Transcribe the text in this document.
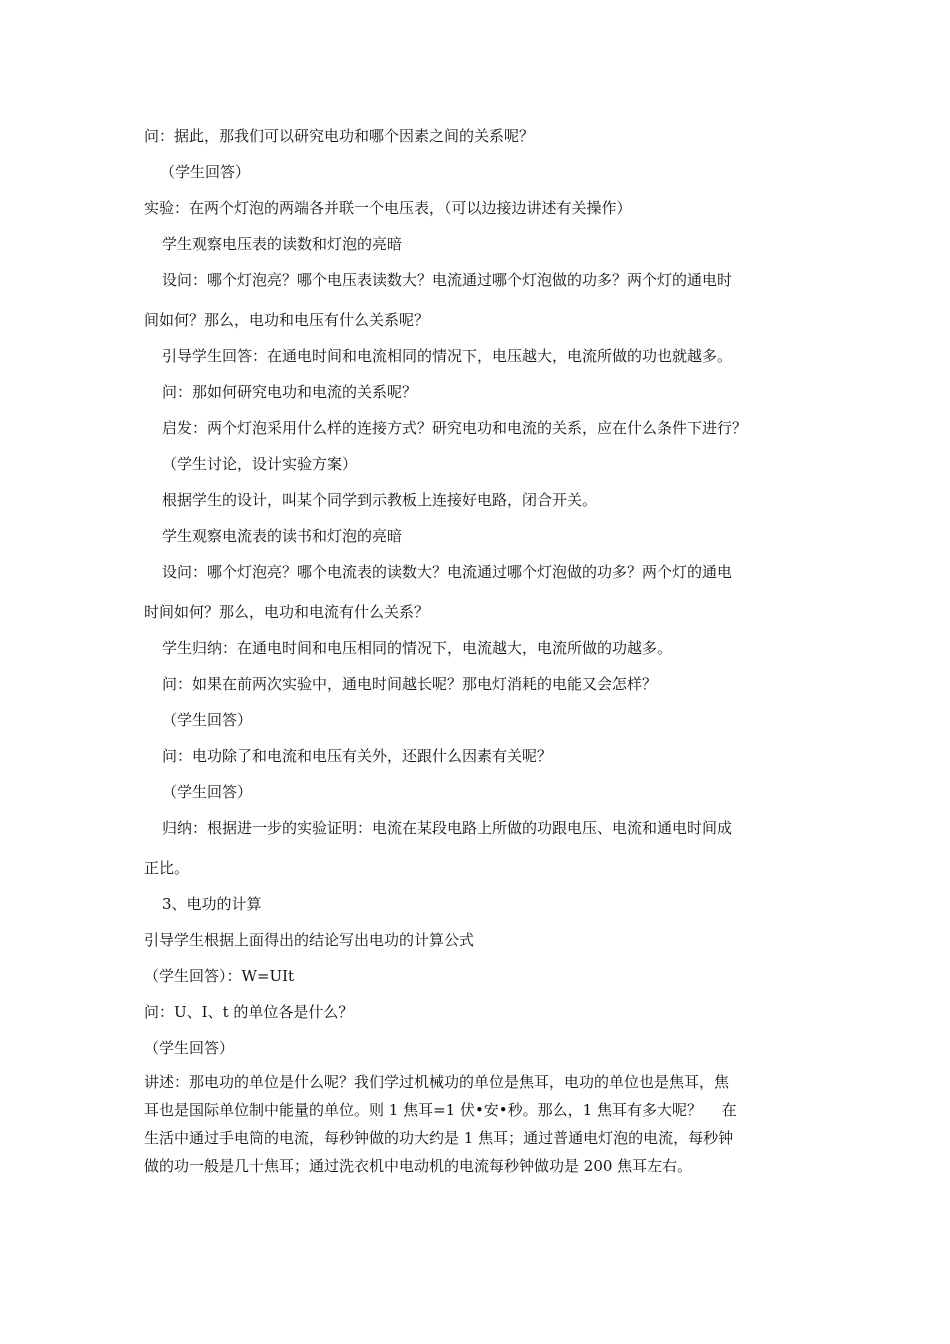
问：据此，那我们可以研究电功和哪个因素之间的关系呢？
（学生回答）
实验：在两个灯泡的两端各并联一个电压表，（可以边接边讲述有关操作）
学生观察电压表的读数和灯泡的亮暗
设问：哪个灯泡亮？哪个电压表读数大？电流通过哪个灯泡做的功多？两个灯的通电时
间如何？那么，电功和电压有什么关系呢？
引导学生回答：在通电时间和电流相同的情况下，电压越大，电流所做的功也就越多。
问：那如何研究电功和电流的关系呢？
启发：两个灯泡采用什么样的连接方式？研究电功和电流的关系，应在什么条件下进行？
（学生讨论，设计实验方案）
根据学生的设计，叫某个同学到示教板上连接好电路，闭合开关。
学生观察电流表的读书和灯泡的亮暗
设问：哪个灯泡亮？哪个电流表的读数大？电流通过哪个灯泡做的功多？两个灯的通电
时间如何？那么，电功和电流有什么关系？
学生归纳：在通电时间和电压相同的情况下，电流越大，电流所做的功越多。
问：如果在前两次实验中，通电时间越长呢？那电灯消耗的电能又会怎样？
（学生回答）
问：电功除了和电流和电压有关外，还跟什么因素有关呢？
（学生回答）
归纳：根据进一步的实验证明：电流在某段电路上所做的功跟电压、电流和通电时间成
正比。
3、电功的计算
引导学生根据上面得出的结论写出电功的计算公式
（学生回答）：W=UIt
问：U、I、t 的单位各是什么？
（学生回答）
讲述：那电功的单位是什么呢？我们学过机械功的单位是焦耳，电功的单位也是焦耳，焦
耳也是国际单位制中能量的单位。则 1 焦耳=1 伏•安•秒。那么，1 焦耳有多大呢？　 在
生活中通过手电筒的电流，每秒钟做的功大约是 1 焦耳；通过普通电灯泡的电流，每秒钟
做的功一般是几十焦耳；通过洗衣机中电动机的电流每秒钟做功是 200 焦耳左右。
